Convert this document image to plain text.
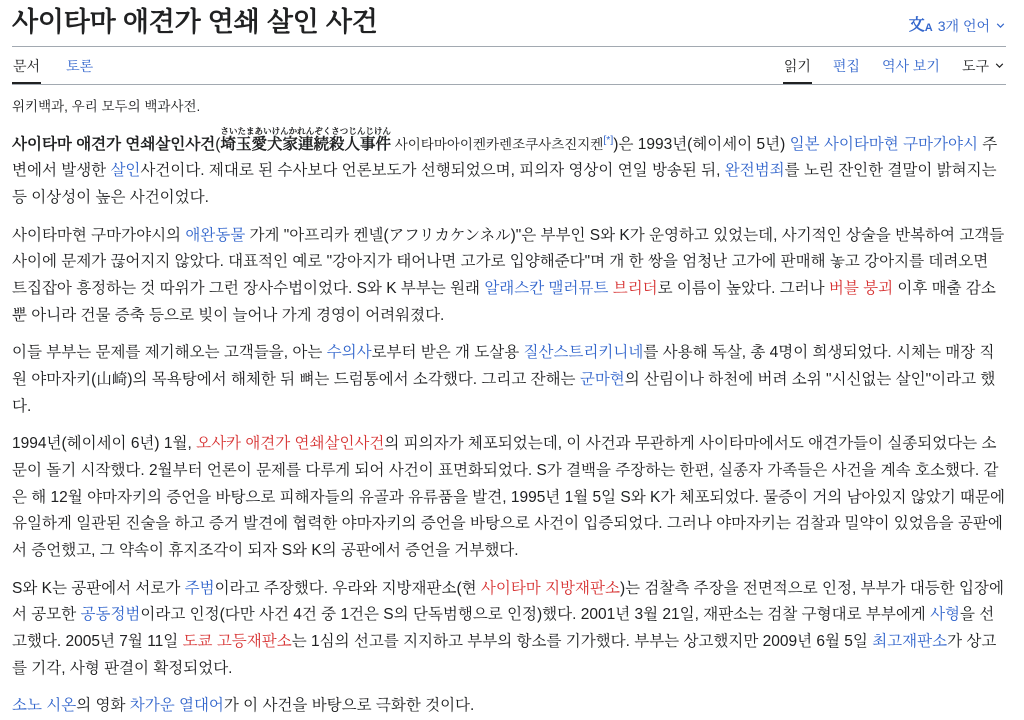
사이타마 애견가 연쇄 살인 사건	文A 3개 언어
문서 토론	읽기 편집 역사 보기 도구
위키백과, 우리 모두의 백과사전.

사이타마 애견가 연쇄살인사건(埼玉愛犬家連続殺人事件さいたまあいけんかれんぞくさつじんじけん 사이타마아이켄카렌조쿠사츠진지켄[*])은 1993년(헤이세이 5년) 일본 사이타마현 구마가야시 주변에서 발생한 살인사건이다. 제대로 된 수사보다 언론보도가 선행되었으며, 피의자 영상이 연일 방송된 뒤, 완전범죄를 노린 잔인한 결말이 밝혀지는 등 이상성이 높은 사건이었다.

사이타마현 구마가야시의 애완동물 가게 "아프리카 켄넬(アフリカケンネル)"은 부부인 S와 K가 운영하고 있었는데, 사기적인 상술을 반복하여 고객들 사이에 문제가 끊어지지 않았다. 대표적인 예로 "강아지가 태어나면 고가로 입양해준다"며 개 한 쌍을 엄청난 고가에 판매해 놓고 강아지를 데려오면 트집잡아 흥정하는 것 따위가 그런 장사수법이었다. S와 K 부부는 원래 알래스칸 맬러뮤트 브리더로 이름이 높았다. 그러나 버블 붕괴 이후 매출 감소 뿐 아니라 건물 증축 등으로 빚이 늘어나 가게 경영이 어려워졌다.

이들 부부는 문제를 제기해오는 고객들을, 아는 수의사로부터 받은 개 도살용 질산스트리키니네를 사용해 독살, 총 4명이 희생되었다. 시체는 매장 직원 야마자키(山崎)의 목욕탕에서 해체한 뒤 뼈는 드럼통에서 소각했다. 그리고 잔해는 군마현의 산림이나 하천에 버려 소위 "시신없는 살인"이라고 했다.

1994년(헤이세이 6년) 1월, 오사카 애견가 연쇄살인사건의 피의자가 체포되었는데, 이 사건과 무관하게 사이타마에서도 애견가들이 실종되었다는 소문이 돌기 시작했다. 2월부터 언론이 문제를 다루게 되어 사건이 표면화되었다. S가 결백을 주장하는 한편, 실종자 가족들은 사건을 계속 호소했다. 같은 해 12월 야마자키의 증언을 바탕으로 피해자들의 유골과 유류품을 발견, 1995년 1월 5일 S와 K가 체포되었다. 물증이 거의 남아있지 않았기 때문에 유일하게 일관된 진술을 하고 증거 발견에 협력한 야마자키의 증언을 바탕으로 사건이 입증되었다. 그러나 야마자키는 검찰과 밀약이 있었음을 공판에서 증언했고, 그 약속이 휴지조각이 되자 S와 K의 공판에서 증언을 거부했다.

S와 K는 공판에서 서로가 주범이라고 주장했다. 우라와 지방재판소(현 사이타마 지방재판소)는 검찰측 주장을 전면적으로 인정, 부부가 대등한 입장에서 공모한 공동정범이라고 인정(다만 사건 4건 중 1건은 S의 단독범행으로 인정)했다. 2001년 3월 21일, 재판소는 검찰 구형대로 부부에게 사형을 선고했다. 2005년 7월 11일 도쿄 고등재판소는 1심의 선고를 지지하고 부부의 항소를 기가했다. 부부는 상고했지만 2009년 6월 5일 최고재판소가 상고를 기각, 사형 판결이 확정되었다.

소노 시온의 영화 차가운 열대어가 이 사건을 바탕으로 극화한 것이다.
